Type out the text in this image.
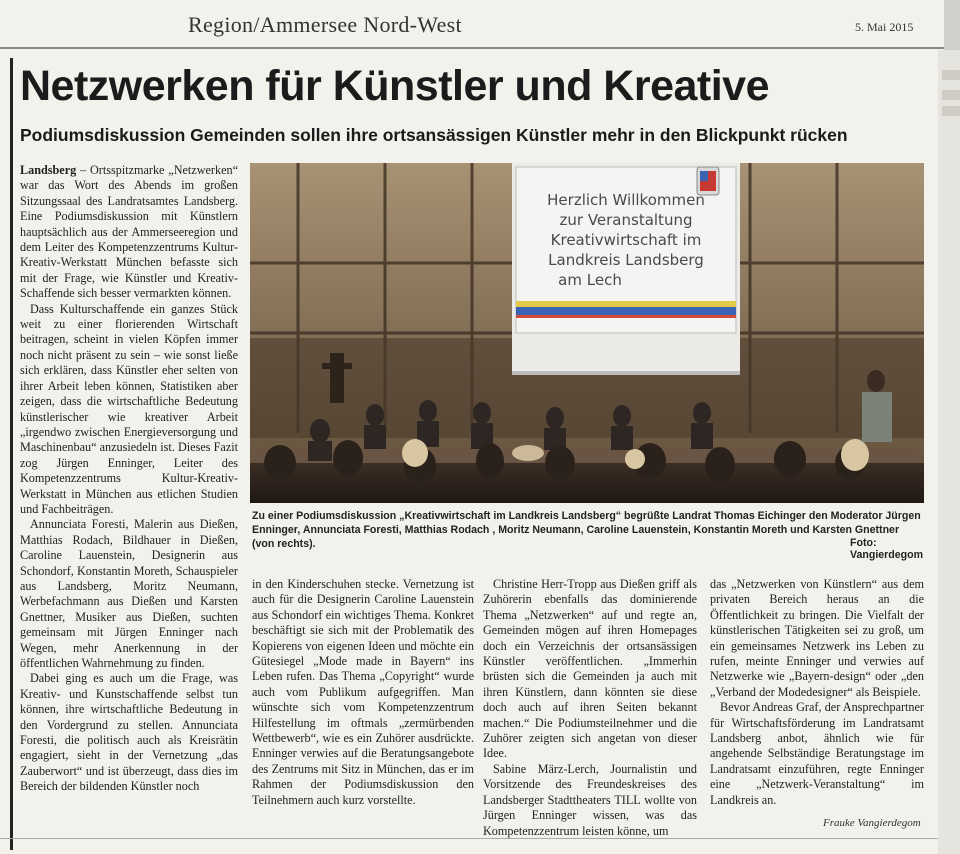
Region/Ammersee Nord-West	5. Mai 2015
Netzwerken für Künstler und Kreative
Podiumsdiskussion Gemeinden sollen ihre ortsansässigen Künstler mehr in den Blickpunkt rücken

Landsberg – Ortsspitzmarke „Netzwerken“ war das Wort des Abends im großen Sitzungssaal des Landratsamtes Landsberg. Eine Podiumsdiskussion mit Künstlern hauptsächlich aus der Ammerseeregion und dem Leiter des Kompetenzzentrums Kultur-Kreativ-Werkstatt München befasste sich mit der Frage, wie Künstler und Kreativ-Schaffende sich besser vermarkten können.

Dass Kulturschaffende ein ganzes Stück weit zu einer florierenden Wirtschaft beitragen, scheint in vielen Köpfen immer noch nicht präsent zu sein – wie sonst ließe sich erklären, dass Künstler eher selten von ihrer Arbeit leben können, Statistiken aber zeigen, dass die wirtschaftliche Bedeutung künstlerischer wie kreativer Arbeit „irgendwo zwischen Energieversorgung und Maschinenbau“ anzusiedeln ist. Dieses Fazit zog Jürgen Enninger, Leiter des Kompetenzzentrums Kultur-Kreativ-Werkstatt in München aus etlichen Studien und Fachbeiträgen.

Annunciata Foresti, Malerin aus Dießen, Matthias Rodach, Bildhauer in Dießen, Caroline Lauenstein, Designerin aus Schondorf, Konstantin Moreth, Schauspieler aus Landsberg, Moritz Neumann, Werbefachmann aus Dießen und Karsten Gnettner, Musiker aus Dießen, suchten gemeinsam mit Jürgen Enninger nach Wegen, mehr Anerkennung in der öffentlichen Wahrnehmung zu finden.

Dabei ging es auch um die Frage, was Kreativ- und Kunstschaffende selbst tun können, ihre wirtschaftliche Bedeutung in den Vordergrund zu stellen. Annunciata Foresti, die politisch auch als Kreisrätin engagiert, sieht in der Vernetzung „das Zauberwort“ und ist überzeugt, dass dies im Bereich der bildenden Künstler noch

Herzlich Willkommen
zur Veranstaltung
Kreativwirtschaft im
Landkreis Landsberg
am Lech
Zu einer Podiumsdiskussion „Kreativwirtschaft im Landkreis Landsberg“ begrüßte Landrat Thomas Eichinger den Moderator Jürgen Enninger, Annunciata Foresti, Matthias Rodach , Moritz Neumann, Caroline Lauenstein, Konstantin Moreth und Karsten Gnettner (von rechts).	Foto: Vangierdegom

in den Kinderschuhen stecke. Vernetzung ist auch für die Designerin Caroline Lauenstein aus Schondorf ein wichtiges Thema. Konkret beschäftigt sie sich mit der Problematik des Kopierens von eigenen Ideen und möchte ein Gütesiegel „Mode made in Bayern“ ins Leben rufen. Das Thema „Copyright“ wurde auch vom Publikum aufgegriffen. Man wünschte sich vom Kompetenzzentrum Hilfestellung im oftmals „zermürbenden Wettbewerb“, wie es ein Zuhörer ausdrückte. Enninger verwies auf die Beratungsangebote des Zentrums mit Sitz in München, das er im Rahmen der Podiumsdiskussion den Teilnehmern auch kurz vorstellte.

Christine Herr-Tropp aus Dießen griff als Zuhörerin ebenfalls das dominierende Thema „Netzwerken“ auf und regte an, Gemeinden mögen auf ihren Homepages doch ein Verzeichnis der ortsansässigen Künstler veröffentlichen. „Immerhin brüsten sich die Gemeinden ja auch mit ihren Künstlern, dann könnten sie diese doch auch auf ihren Seiten bekannt machen.“ Die Podiumsteilnehmer und die Zuhörer zeigten sich angetan von dieser Idee.

Sabine März-Lerch, Journalistin und Vorsitzende des Freundeskreises des Landsberger Stadttheaters TILL wollte von Jürgen Enninger wissen, was das Kompetenzzentrum leisten könne, um

das „Netzwerken von Künstlern“ aus dem privaten Bereich heraus an die Öffentlichkeit zu bringen. Die Vielfalt der künstlerischen Tätigkeiten sei zu groß, um ein gemeinsames Netzwerk ins Leben zu rufen, meinte Enninger und verwies auf Netzwerke wie „Bayern-design“ oder „den „Verband der Modedesigner“ als Beispiele.

Bevor Andreas Graf, der Ansprechpartner für Wirtschaftsförderung im Landratsamt Landsberg anbot, ähnlich wie für angehende Selbständige Beratungstage im Landratsamt einzuführen, regte Enninger eine „Netzwerk-Veranstaltung“ im Landkreis an.

Frauke Vangierdegom
